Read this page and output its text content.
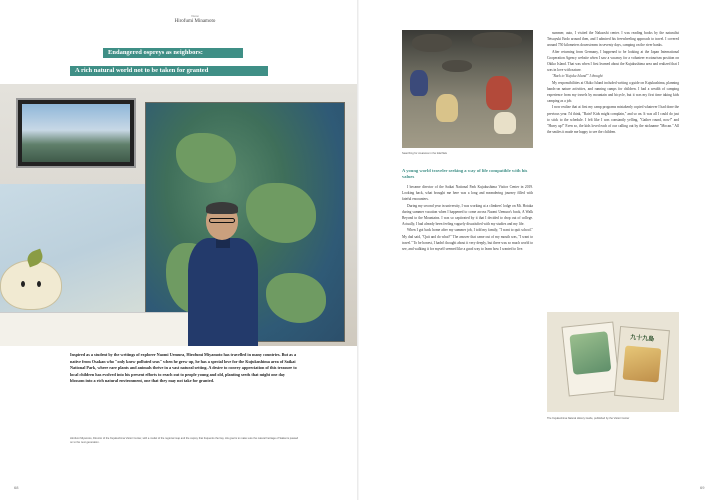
Vision
Hirofumi Minamoto
Endangered ospreys as neighbors:
A rich natural world not to be taken for granted
Inspired as a student by the writings of explorer Naomi Uemura, Hirofumi Miyamoto has travelled in many countries. But as a native from Osakan who "only knew polluted seas" when he grew up, he has a special love for the Kujukushima area of Saikai National Park, where rare plants and animals thrive in a vast natural setting. A desire to convey appreciation of this treasure to local children has evolved into his present efforts to reach out to people young and old, planting seeds that might one day blossom into a rich natural environment, one that they may not take for granted.
Hirofumi Miyamoto, Director of the Kujukushima Visitor Center, with a model of the regional map and the osprey that frequents the bay. His goal is to make sure the natural heritage of Saikai is passed on to the next generation.
68
Searching for creatures in the tidal flats
A young world traveler seeking a way of life compatible with his values

I became director of the Saikai National Park Kujukushima Visitor Center in 2019. Looking back, what brought me here was a long and meandering journey filled with fateful encounters.

During my second year in university, I was working at a climbers' lodge on Mt. Hotaka during summer vacation when I happened to come across Naomi Uemura's book, A Walk Beyond to the Mountains. I was so captivated by it that I decided to drop out of college. Actually, I had already been feeling vaguely dissatisfied with my studies and my life.

When I got back home after my summer job, I told my family, "I want to quit school." My dad said, "Quit and do what?" The answer that came out of my mouth was, "I want to travel." To be honest, I hadn't thought about it very deeply, but there was so much world to see, and walking it for myself seemed like a good way to learn how I wanted to live.

summer, auto, I visited the Nakaoshi center. I was reading books by the naturalist Tetsuyuki Endo around then, and I admired his freewheeling approach to travel. I covered around 750 kilometers downstream in seventy days, camping on the river banks.

After returning from Germany, I happened to be looking at the Japan International Cooperation Agency website when I saw a vacancy for a volunteer ecotourism position on Okiko Island. That was when I first learned about the Kujukushima area and realized that I was in love with nature.

"Back to 'Kujuku Island'" I thought

My responsibilities at Okiko Island included writing a guide on Kujukushima, planning hands-on nature activities, and running camps for children. I had a wealth of camping experience from my travels by mountain and bicycle, but it was my first time taking kids camping as a job.

I now realize that at first my camp programs mistakenly copied whatever I had done the previous year. I'd think, "Rain? Kids might complain," and so on. It was all I could do just to stick to the schedule. I felt like I was constantly yelling, "Gather round, now!" and "Hurry up!" Even so, the kids loved each of our calling out by the nickname "Mocan." All the smiles it made me happy to see the children.

九十九島
The Kujukushima Natural History Guide, published by the Visitor Center
69
